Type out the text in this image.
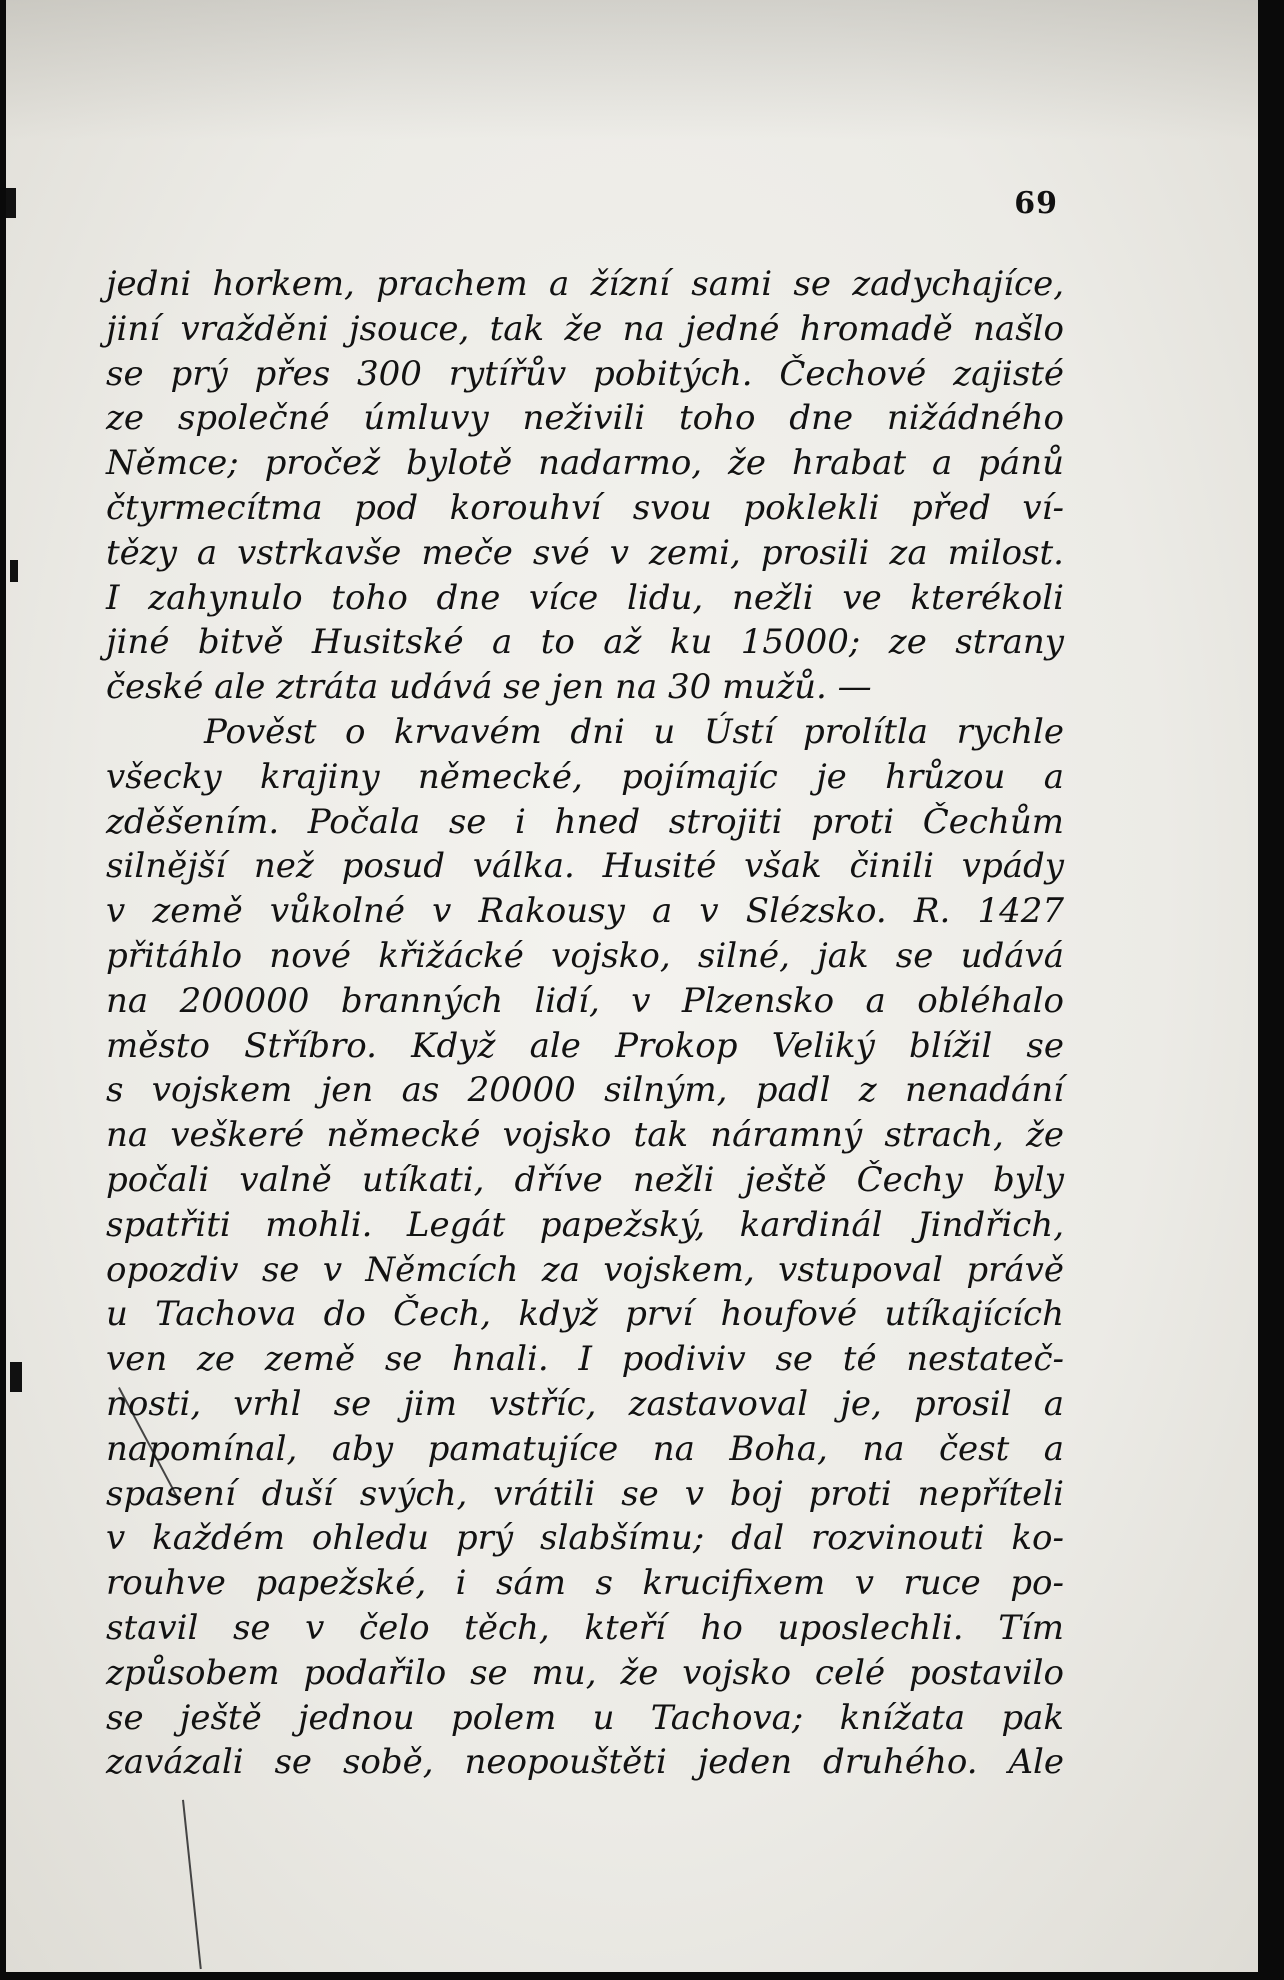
69
jedni horkem, prachem a žízní sami se zadychajíce,
jiní vražděni jsouce, tak že na jedné hromadě našlo
se prý přes 300 rytířův pobitých. Čechové zajisté
ze společné úmluvy neživili toho dne nižádného
Němce; pročež bylotě nadarmo, že hrabat a pánů
čtyrmecítma pod korouhví svou poklekli před ví-
tězy a vstrkavše meče své v zemi, prosili za milost.
I zahynulo toho dne více lidu, nežli ve kterékoli
jiné bitvě Husitské a to až ku 15000; ze strany
české ale ztráta udává se jen na 30 mužů. —
Pověst o krvavém dni u Ústí prolítla rychle
všecky krajiny německé, pojímajíc je hrůzou a
zděšením. Počala se i hned strojiti proti Čechům
silnější než posud válka. Husité však činili vpády
v země vůkolné v Rakousy a v Slézsko. R. 1427
přitáhlo nové křižácké vojsko, silné, jak se udává
na 200000 branných lidí, v Plzensko a obléhalo
město Stříbro. Když ale Prokop Veliký blížil se
s vojskem jen as 20000 silným, padl z nenadání
na veškeré německé vojsko tak náramný strach, že
počali valně utíkati, dříve nežli ještě Čechy byly
spatřiti mohli. Legát papežský, kardinál Jindřich,
opozdiv se v Němcích za vojskem, vstupoval právě
u Tachova do Čech, když prví houfové utíkajících
ven ze země se hnali. I podiviv se té nestateč-
nosti, vrhl se jim vstříc, zastavoval je, prosil a
napomínal, aby pamatujíce na Boha, na čest a
spasení duší svých, vrátili se v boj proti nepříteli
v každém ohledu prý slabšímu; dal rozvinouti ko-
rouhve papežské, i sám s krucifixem v ruce po-
stavil se v čelo těch, kteří ho uposlechli. Tím
způsobem podařilo se mu, že vojsko celé postavilo
se ještě jednou polem u Tachova; knížata pak
zavázali se sobě, neopouštěti jeden druhého. Ale
